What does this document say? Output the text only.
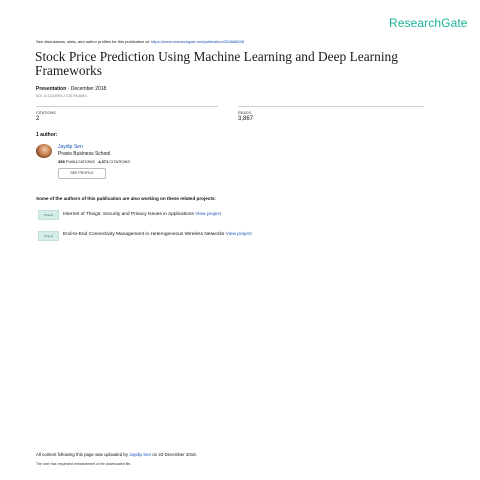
ResearchGate
See discussions, stats, and author profiles for this publication at: https://www.researchgate.net/publication/329886838
Stock Price Prediction Using Machine Learning and Deep Learning Frameworks
Presentation · December 2018
DOI: 10.13140/RG.2.2.20706.48001
CITATIONS
2
READS
3,867
1 author:
Jaydip Sen
Praxis Business School
358 PUBLICATIONS 4,371 CITATIONS
SEE PROFILE
Some of the authors of this publication are also working on these related projects:
Project	Internet of Things: Security and Privacy Issues in Applications View project
Project	End-to-End Connectivity Management in Heterogeneous Wireless Networks View project
All content following this page was uploaded by Jaydip Sen on 23 December 2018.
The user has requested enhancement of the downloaded file.
